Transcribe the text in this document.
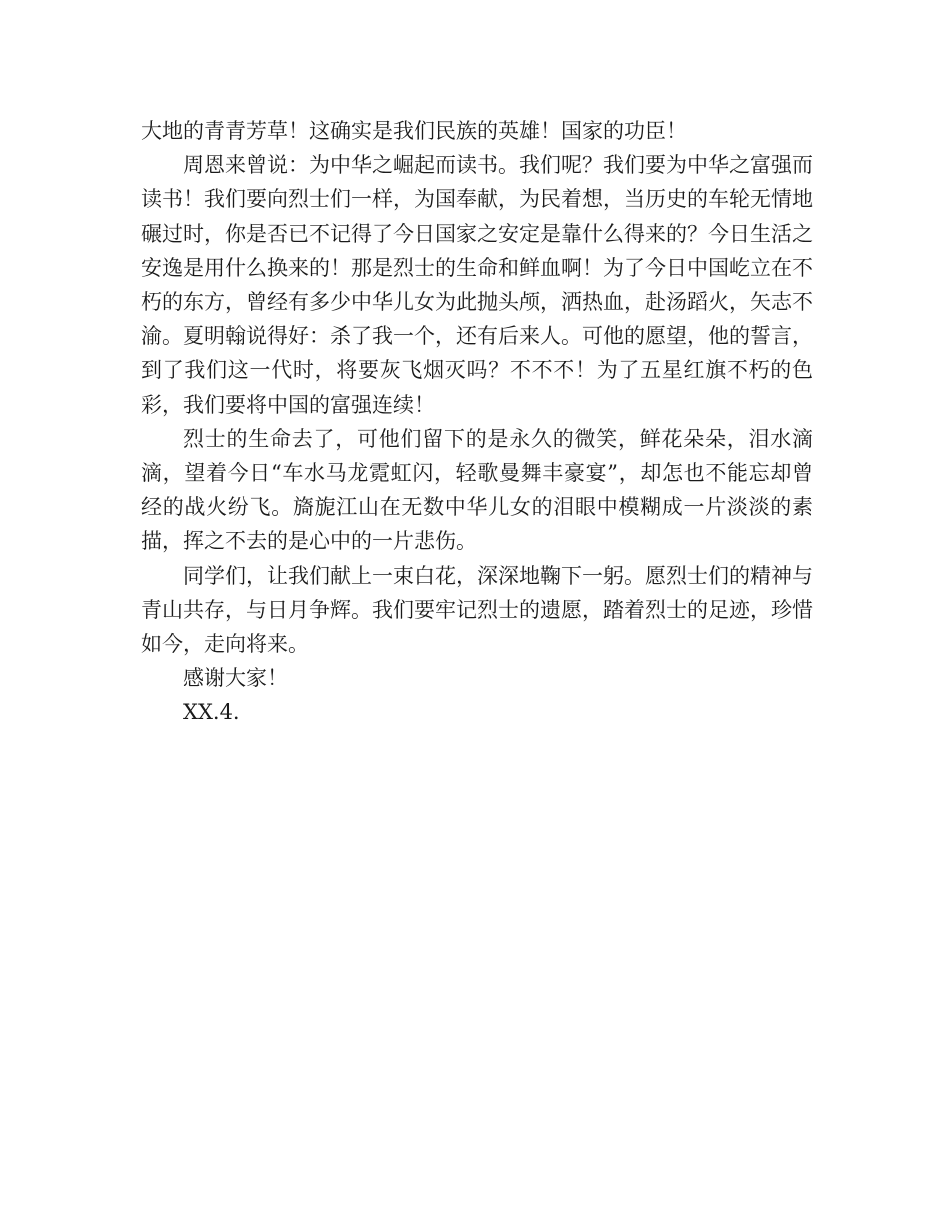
大地的青青芳草！这确实是我们民族的英雄！国家的功臣！

周恩来曾说：为中华之崛起而读书。我们呢？我们要为中华之富强而读书！我们要向烈士们一样，为国奉献，为民着想，当历史的车轮无情地碾过时，你是否已不记得了今日国家之安定是靠什么得来的？今日生活之安逸是用什么换来的！那是烈士的生命和鲜血啊！为了今日中国屹立在不朽的东方，曾经有多少中华儿女为此抛头颅，洒热血，赴汤蹈火，矢志不渝。夏明翰说得好：杀了我一个，还有后来人。可他的愿望，他的誓言，到了我们这一代时，将要灰飞烟灭吗？不不不！为了五星红旗不朽的色彩，我们要将中国的富强连续！

烈士的生命去了，可他们留下的是永久的微笑，鲜花朵朵，泪水滴滴，望着今日“车水马龙霓虹闪，轻歌曼舞丰豪宴”，却怎也不能忘却曾经的战火纷飞。旖旎江山在无数中华儿女的泪眼中模糊成一片淡淡的素描，挥之不去的是心中的一片悲伤。

同学们，让我们献上一束白花，深深地鞠下一躬。愿烈士们的精神与青山共存，与日月争辉。我们要牢记烈士的遗愿，踏着烈士的足迹，珍惜如今，走向将来。

感谢大家！

XX.4.
